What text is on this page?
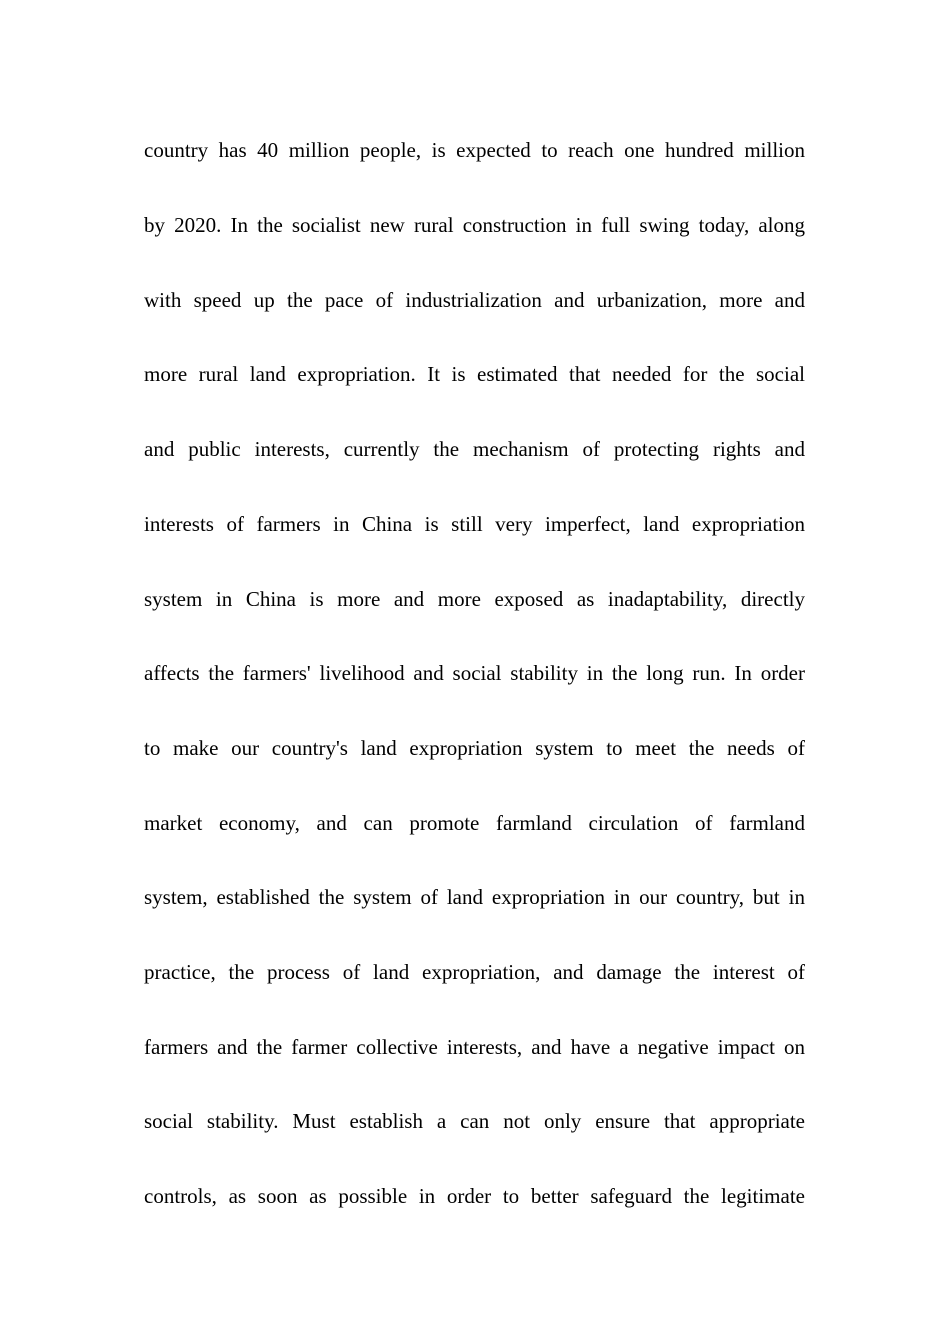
country has 40 million people, is expected to reach one hundred million
by 2020. In the socialist new rural construction in full swing today, along
with speed up the pace of industrialization and urbanization, more and
more rural land expropriation. It is estimated that needed for the social
and public interests, currently the mechanism of protecting rights and
interests of farmers in China is still very imperfect, land expropriation
system in China is more and more exposed as inadaptability, directly
affects the farmers' livelihood and social stability in the long run. In order
to make our country's land expropriation system to meet the needs of
market economy, and can promote farmland circulation of farmland
system, established the system of land expropriation in our country, but in
practice, the process of land expropriation, and damage the interest of
farmers and the farmer collective interests, and have a negative impact on
social stability. Must establish a can not only ensure that appropriate
controls, as soon as possible in order to better safeguard the legitimate
